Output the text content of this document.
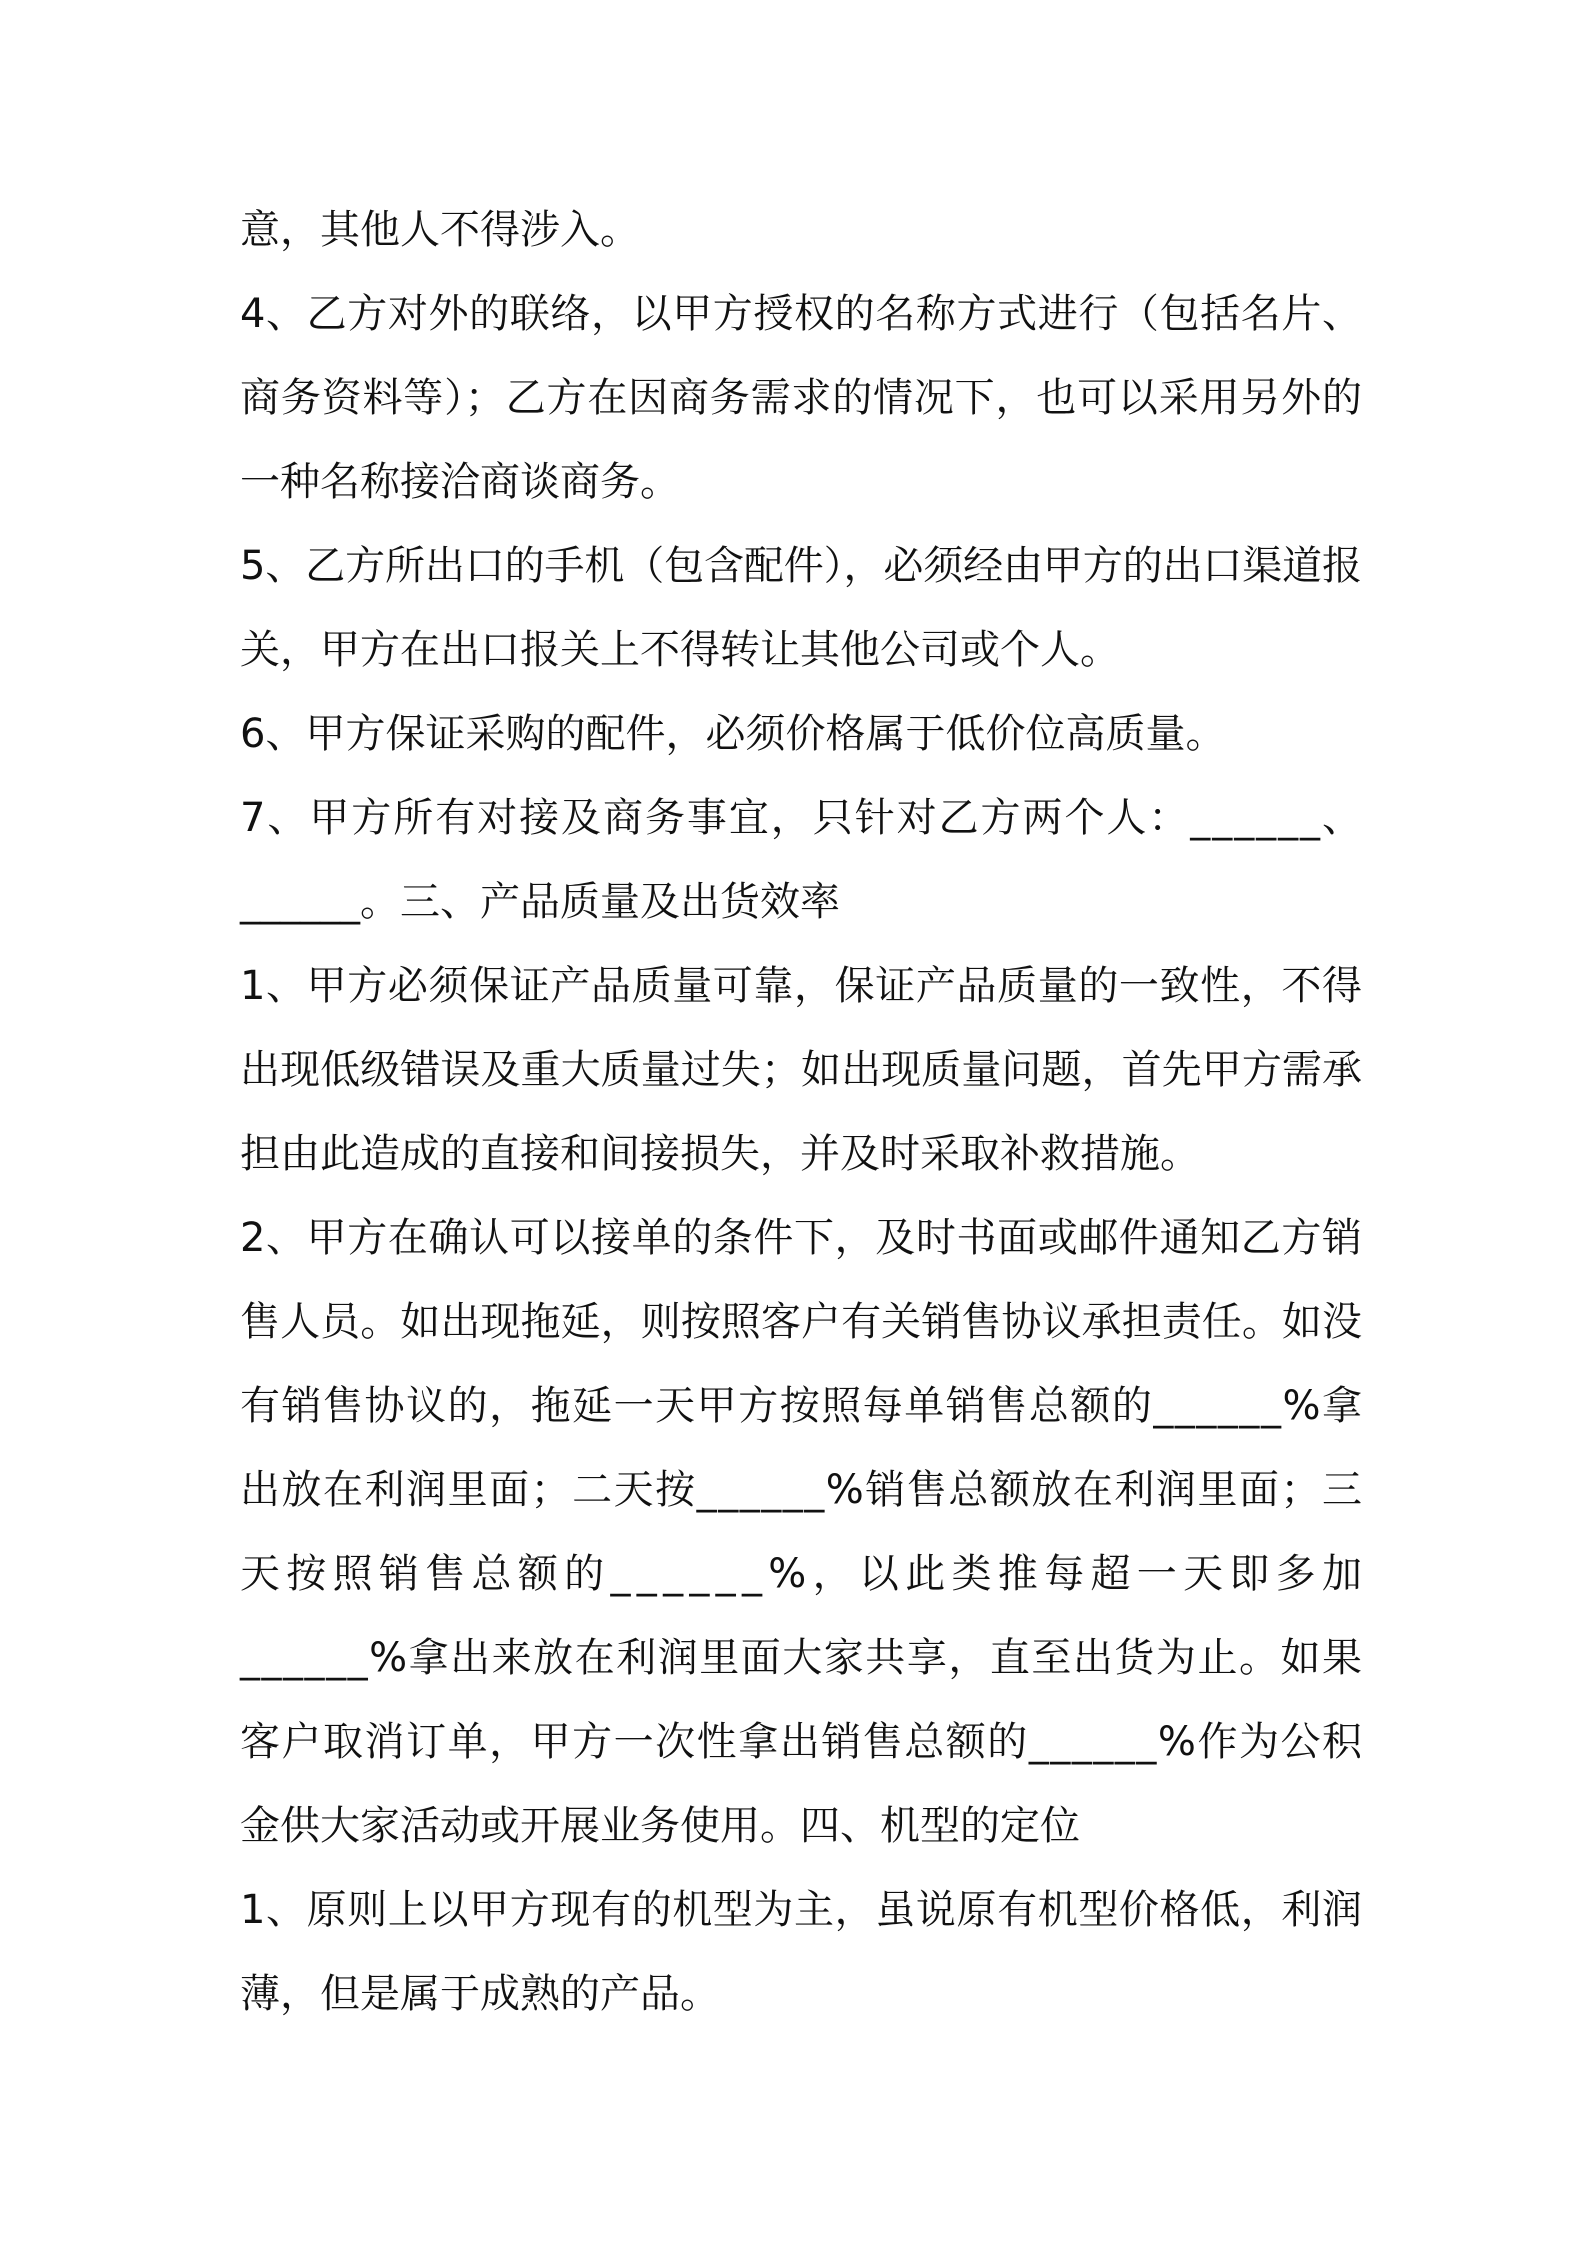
意，其他人不得涉入。
4、乙方对外的联络，以甲方授权的名称方式进行（包括名片、
商务资料等）；乙方在因商务需求的情况下，也可以采用另外的
一种名称接洽商谈商务。
5、乙方所出口的手机（包含配件），必须经由甲方的出口渠道报
关，甲方在出口报关上不得转让其他公司或个人。
6、甲方保证采购的配件，必须价格属于低价位高质量。
7、甲方所有对接及商务事宜，只针对乙方两个人：______、
______。三、产品质量及出货效率
1、甲方必须保证产品质量可靠，保证产品质量的一致性，不得
出现低级错误及重大质量过失；如出现质量问题，首先甲方需承
担由此造成的直接和间接损失，并及时采取补救措施。
2、甲方在确认可以接单的条件下，及时书面或邮件通知乙方销
售人员。如出现拖延，则按照客户有关销售协议承担责任。如没
有销售协议的，拖延一天甲方按照每单销售总额的______%拿
出放在利润里面；二天按______%销售总额放在利润里面；三
天按照销售总额的______%，以此类推每超一天即多加
______%拿出来放在利润里面大家共享，直至出货为止。如果
客户取消订单，甲方一次性拿出销售总额的______%作为公积
金供大家活动或开展业务使用。四、机型的定位
1、原则上以甲方现有的机型为主，虽说原有机型价格低，利润
薄，但是属于成熟的产品。
